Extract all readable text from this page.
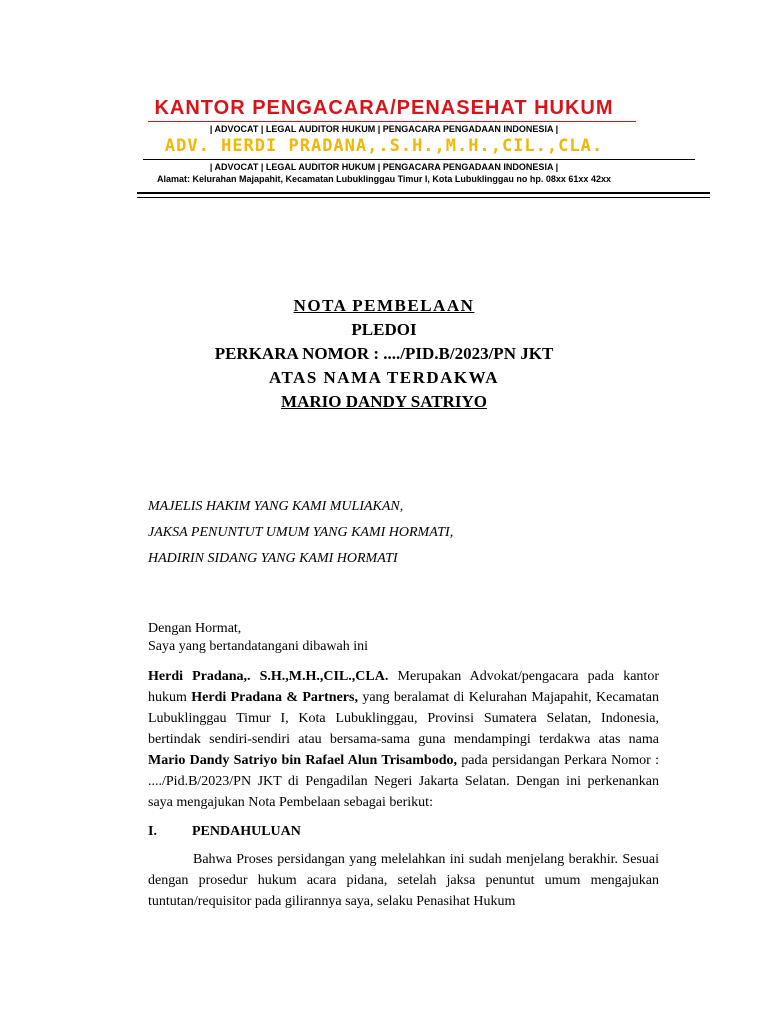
KANTOR PENGACARA/PENASEHAT HUKUM
| ADVOCAT | LEGAL AUDITOR HUKUM | PENGACARA PENGADAAN INDONESIA |
ADV. HERDI PRADANA,.S.H.,M.H.,CIL.,CLA.
| ADVOCAT | LEGAL AUDITOR HUKUM | PENGACARA PENGADAAN INDONESIA |
Alamat: Kelurahan Majapahit, Kecamatan Lubuklinggau Timur I, Kota Lubuklinggau no hp. 08xx 61xx 42xx
NOTA PEMBELAAN
PLEDOI
PERKARA NOMOR : ..../PID.B/2023/PN JKT
ATAS NAMA TERDAKWA
MARIO DANDY SATRIYO
MAJELIS HAKIM YANG KAMI MULIAKAN,
JAKSA PENUNTUT UMUM YANG KAMI HORMATI,
HADIRIN SIDANG YANG KAMI HORMATI
Dengan Hormat,
Saya yang bertandatangani dibawah ini
Herdi Pradana,. S.H.,M.H.,CIL.,CLA. Merupakan Advokat/pengacara pada kantor hukum Herdi Pradana & Partners, yang beralamat di Kelurahan Majapahit, Kecamatan Lubuklinggau Timur I, Kota Lubuklinggau, Provinsi Sumatera Selatan, Indonesia, bertindak sendiri-sendiri atau bersama-sama guna mendampingi terdakwa atas nama Mario Dandy Satriyo bin Rafael Alun Trisambodo, pada persidangan Perkara Nomor : ..../Pid.B/2023/PN JKT di Pengadilan Negeri Jakarta Selatan. Dengan ini perkenankan saya mengajukan Nota Pembelaan sebagai berikut:
I.	PENDAHULUAN
Bahwa Proses persidangan yang melelahkan ini sudah menjelang berakhir. Sesuai dengan prosedur hukum acara pidana, setelah jaksa penuntut umum mengajukan tuntutan/requisitor pada gilirannya saya, selaku Penasihat Hukum
